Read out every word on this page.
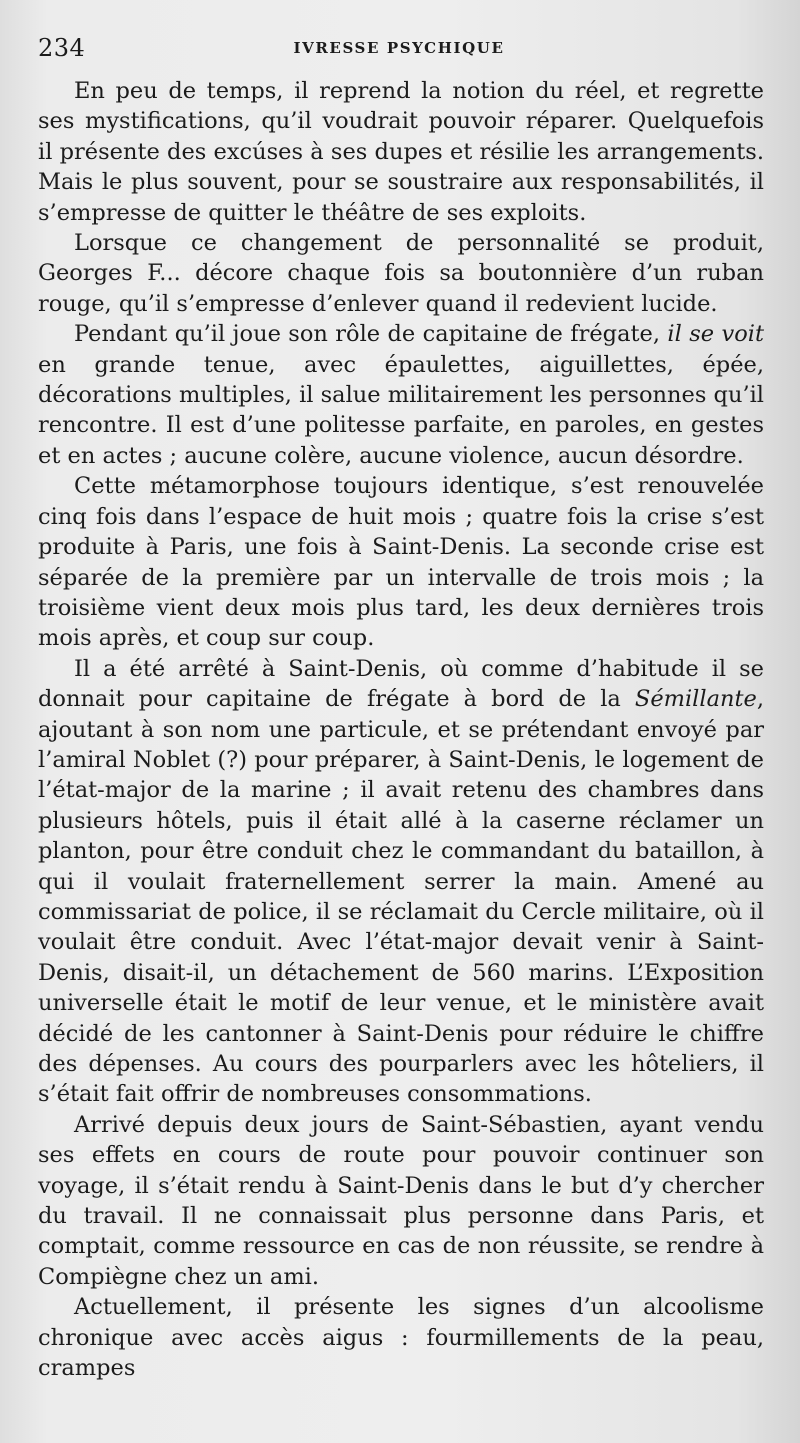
234	IVRESSE PSYCHIQUE

En peu de temps, il reprend la notion du réel, et regrette ses mystifications, qu’il voudrait pouvoir réparer. Quelquefois il présente des excúses à ses dupes et résilie les arrangements. Mais le plus souvent, pour se soustraire aux responsabilités, il s’empresse de quitter le théâtre de ses exploits.

Lorsque ce changement de personnalité se produit, Georges F... décore chaque fois sa boutonnière d’un ruban rouge, qu’il s’empresse d’enlever quand il redevient lucide.

Pendant qu’il joue son rôle de capitaine de frégate, il se voit en grande tenue, avec épaulettes, aiguillettes, épée, décorations multiples, il salue militairement les personnes qu’il rencontre. Il est d’une politesse parfaite, en paroles, en gestes et en actes ; aucune colère, aucune violence, aucun désordre.

Cette métamorphose toujours identique, s’est renouvelée cinq fois dans l’espace de huit mois ; quatre fois la crise s’est produite à Paris, une fois à Saint-Denis. La seconde crise est séparée de la première par un intervalle de trois mois ; la troisième vient deux mois plus tard, les deux dernières trois mois après, et coup sur coup.

Il a été arrêté à Saint-Denis, où comme d’habitude il se donnait pour capitaine de frégate à bord de la Sémillante, ajoutant à son nom une particule, et se prétendant envoyé par l’amiral Noblet (?) pour préparer, à Saint-Denis, le logement de l’état-major de la marine ; il avait retenu des chambres dans plusieurs hôtels, puis il était allé à la caserne réclamer un planton, pour être conduit chez le commandant du bataillon, à qui il voulait fraternellement serrer la main. Amené au commissariat de police, il se réclamait du Cercle militaire, où il voulait être conduit. Avec l’état-major devait venir à Saint-Denis, disait-il, un détachement de 560 marins. L’Exposition universelle était le motif de leur venue, et le ministère avait décidé de les cantonner à Saint-Denis pour réduire le chiffre des dépenses. Au cours des pourparlers avec les hôteliers, il s’était fait offrir de nombreuses consommations.

Arrivé depuis deux jours de Saint-Sébastien, ayant vendu ses effets en cours de route pour pouvoir continuer son voyage, il s’était rendu à Saint-Denis dans le but d’y chercher du travail. Il ne connaissait plus personne dans Paris, et comptait, comme ressource en cas de non réussite, se rendre à Compiègne chez un ami.

Actuellement, il présente les signes d’un alcoolisme chronique avec accès aigus : fourmillements de la peau, crampes
